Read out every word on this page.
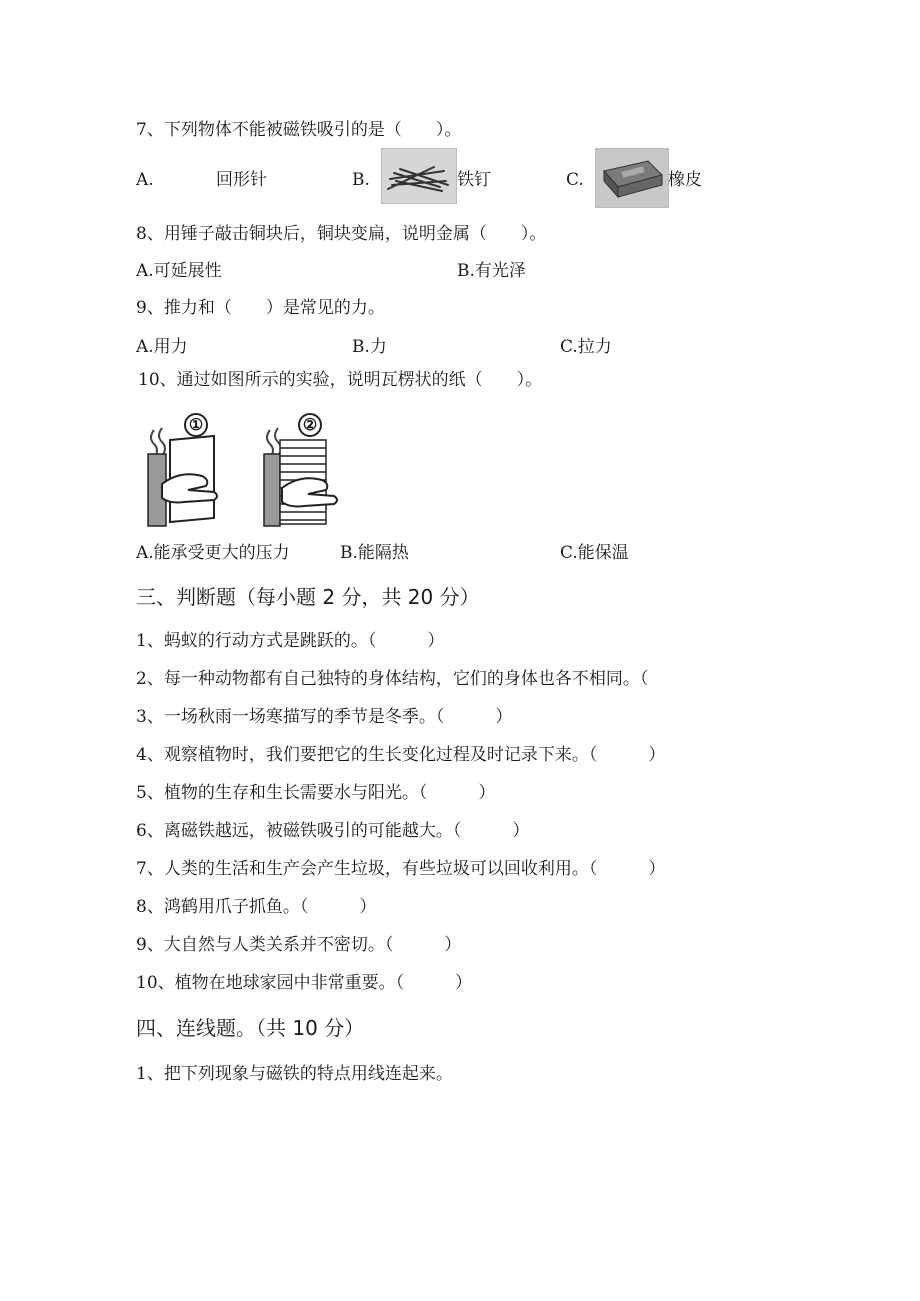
7、下列物体不能被磁铁吸引的是（　　）。
A.	回形针	B.	铁钉	C.	橡皮
8、用锤子敲击铜块后，铜块变扁，说明金属（　　）。
A.可延展性	B.有光泽
9、推力和（　　）是常见的力。
A.用力	B.力	C.拉力
10、通过如图所示的实验，说明瓦楞状的纸（　　）。
①	②
A.能承受更大的压力	B.能隔热	C.能保温
三、判断题（每小题 2 分，共 20 分）
1、蚂蚁的行动方式是跳跃的。（　　　）
2、每一种动物都有自己独特的身体结构，它们的身体也各不相同。（
3、一场秋雨一场寒描写的季节是冬季。（　　　）
4、观察植物时，我们要把它的生长变化过程及时记录下来。（　　　）
5、植物的生存和生长需要水与阳光。（　　　）
6、离磁铁越远，被磁铁吸引的可能越大。（　　　）
7、人类的生活和生产会产生垃圾，有些垃圾可以回收利用。（　　　）
8、鸿鹤用爪子抓鱼。（　　　）
9、大自然与人类关系并不密切。（　　　）
10、植物在地球家园中非常重要。（　　　）
四、连线题。（共 10 分）
1、把下列现象与磁铁的特点用线连起来。
